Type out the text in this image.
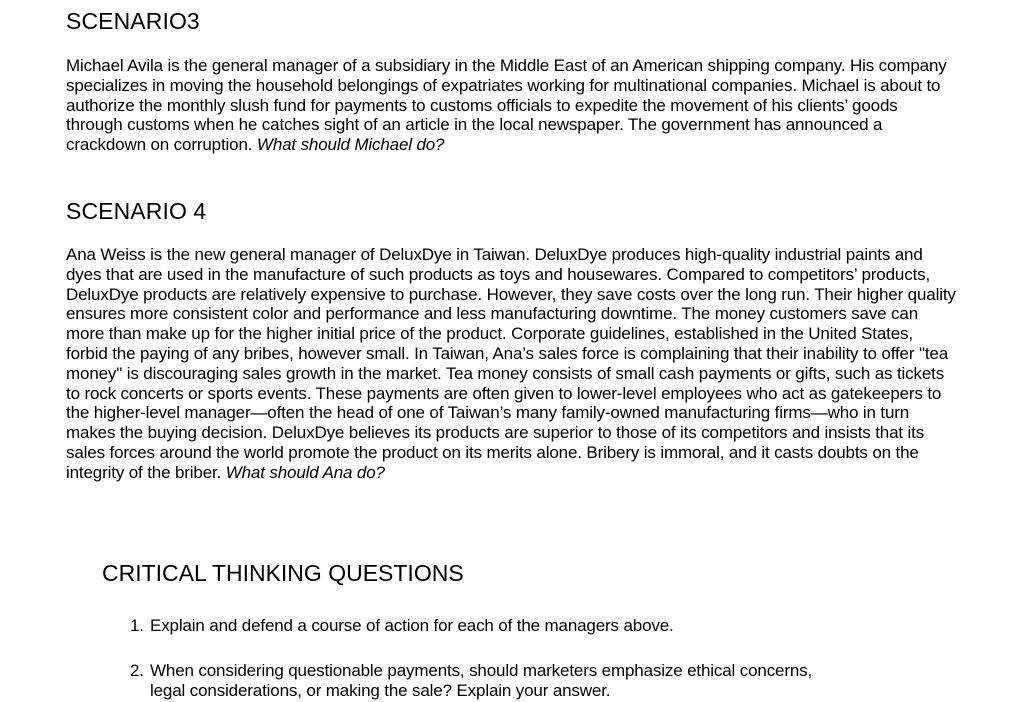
SCENARIO3

Michael Avila is the general manager of a subsidiary in the Middle East of an American shipping company. His company specializes in moving the household belongings of expatriates working for multinational companies. Michael is about to authorize the monthly slush fund for payments to customs officials to expedite the movement of his clients’ goods through customs when he catches sight of an article in the local newspaper. The government has announced a crackdown on corruption. What should Michael do?

SCENARIO 4

Ana Weiss is the new general manager of DeluxDye in Taiwan. DeluxDye produces high-quality industrial paints and dyes that are used in the manufacture of such products as toys and housewares. Compared to competitors’ products, DeluxDye products are relatively expensive to purchase. However, they save costs over the long run. Their higher quality ensures more consistent color and performance and less manufacturing downtime. The money customers save can more than make up for the higher initial price of the product. Corporate guidelines, established in the United States, forbid the paying of any bribes, however small. In Taiwan, Ana’s sales force is complaining that their inability to offer "tea money" is discouraging sales growth in the market. Tea money consists of small cash payments or gifts, such as tickets to rock concerts or sports events. These payments are often given to lower-level employees who act as gatekeepers to the higher-level manager—often the head of one of Taiwan’s many family-owned manufacturing firms—who in turn makes the buying decision. DeluxDye believes its products are superior to those of its competitors and insists that its sales forces around the world promote the product on its merits alone. Bribery is immoral, and it casts doubts on the integrity of the briber. What should Ana do?

CRITICAL THINKING QUESTIONS
1. Explain and defend a course of action for each of the managers above.
2. When considering questionable payments, should marketers emphasize ethical concerns, legal considerations, or making the sale? Explain your answer.
